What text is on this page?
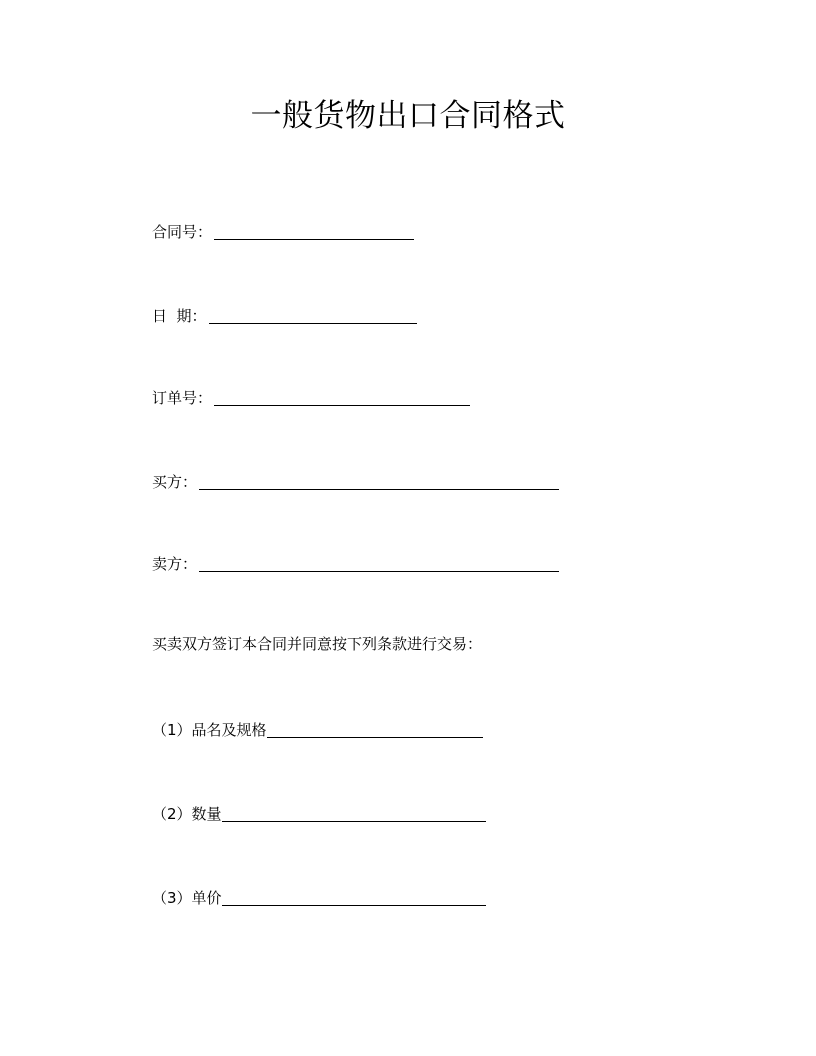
一般货物出口合同格式
合同号：
日  期：
订单号：
买方：
卖方：
买卖双方签订本合同并同意按下列条款进行交易：
（1）品名及规格
（2）数量
（3）单价
